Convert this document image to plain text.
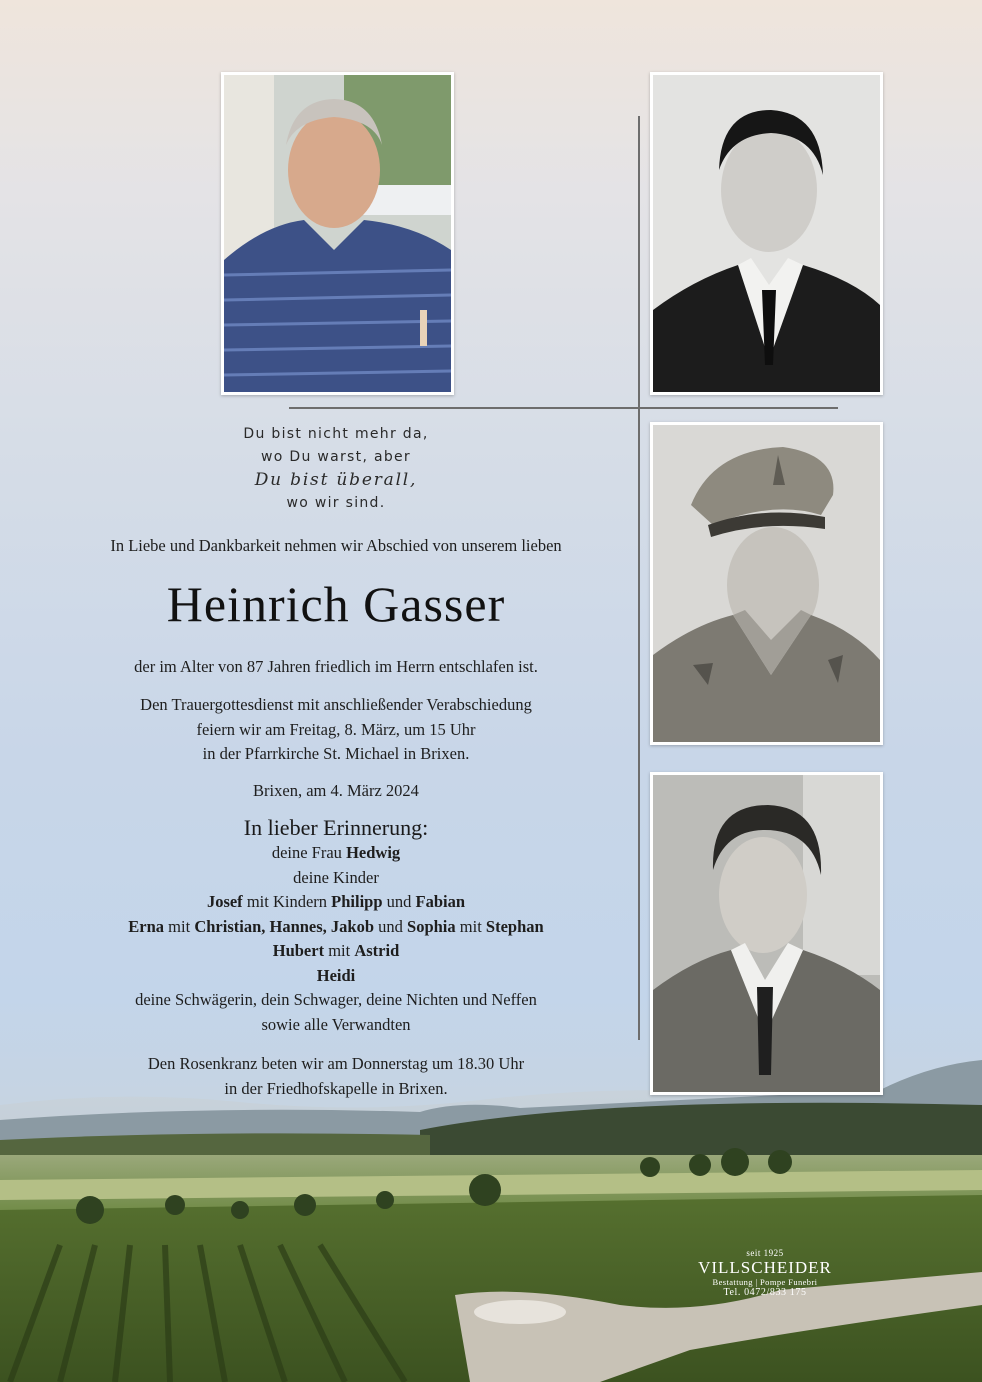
Du bist nicht mehr da,
wo Du warst, aber
Du bist überall,
wo wir sind.
In Liebe und Dankbarkeit nehmen wir Abschied von unserem lieben
Heinrich Gasser
der im Alter von 87 Jahren friedlich im Herrn entschlafen ist.
Den Trauergottesdienst mit anschließender Verabschiedung
feiern wir am Freitag, 8. März, um 15 Uhr
in der Pfarrkirche St. Michael in Brixen.
Brixen, am 4. März 2024
In lieber Erinnerung:
deine Frau Hedwig
deine Kinder
Josef mit Kindern Philipp und Fabian
Erna mit Christian, Hannes, Jakob und Sophia mit Stephan
Hubert mit Astrid
Heidi
deine Schwägerin, dein Schwager, deine Nichten und Neffen
sowie alle Verwandten
Den Rosenkranz beten wir am Donnerstag um 18.30 Uhr
in der Friedhofskapelle in Brixen.
seit 1925
VILLSCHEIDER
Bestattung | Pompe Funebri
Tel. 0472/833 175
